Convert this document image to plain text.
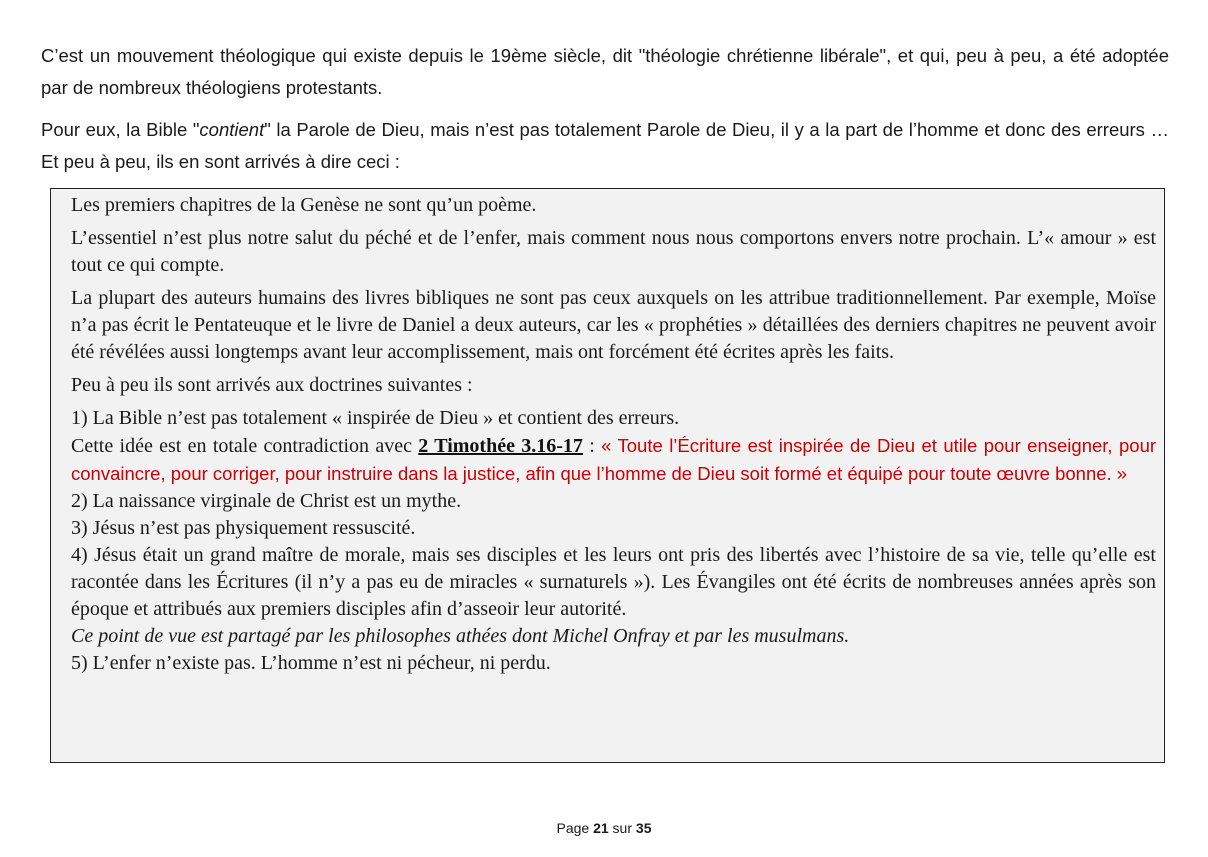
C’est un mouvement théologique qui existe depuis le 19ème siècle, dit "théologie chrétienne libérale", et qui, peu à peu, a été adoptée par de nombreux théologiens protestants.

Pour eux, la Bible "contient" la Parole de Dieu, mais n’est pas totalement Parole de Dieu, il y a la part de l’homme et donc des erreurs … Et peu à peu, ils en sont arrivés à dire ceci :

Les premiers chapitres de la Genèse ne sont qu’un poème.

L’essentiel n’est plus notre salut du péché et de l’enfer, mais comment nous nous comportons envers notre prochain. L’« amour » est tout ce qui compte.

La plupart des auteurs humains des livres bibliques ne sont pas ceux auxquels on les attribue traditionnellement. Par exemple, Moïse n’a pas écrit le Pentateuque et le livre de Daniel a deux auteurs, car les « prophéties » détaillées des derniers chapitres ne peuvent avoir été révélées aussi longtemps avant leur accomplissement, mais ont forcément été écrites après les faits.

Peu à peu ils sont arrivés aux doctrines suivantes :

1) La Bible n’est pas totalement « inspirée de Dieu » et contient des erreurs.

Cette idée est en totale contradiction avec 2 Timothée 3.16-17 : « Toute l’Écriture est inspirée de Dieu et utile pour enseigner, pour convaincre, pour corriger, pour instruire dans la justice, afin que l’homme de Dieu soit formé et équipé pour toute œuvre bonne. »

2) La naissance virginale de Christ est un mythe.

3) Jésus n’est pas physiquement ressuscité.

4) Jésus était un grand maître de morale, mais ses disciples et les leurs ont pris des libertés avec l’histoire de sa vie, telle qu’elle est racontée dans les Écritures (il n’y a pas eu de miracles « surnaturels »). Les Évangiles ont été écrits de nombreuses années après son époque et attribués aux premiers disciples afin d’asseoir leur autorité.

Ce point de vue est partagé par les philosophes athées dont Michel Onfray et par les musulmans.

5) L’enfer n’existe pas. L’homme n’est ni pécheur, ni perdu.

Page 21 sur 35
